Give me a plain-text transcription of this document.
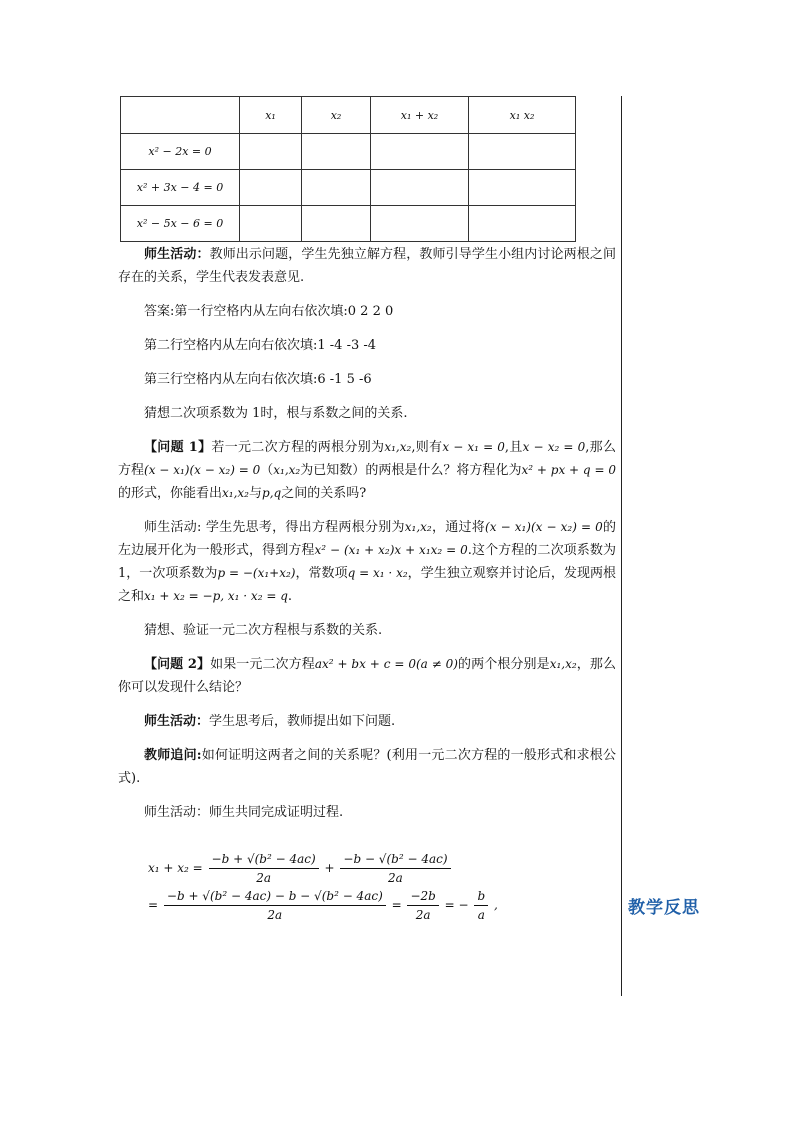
教学反思
	x₁	x₂	x₁ + x₂	x₁ x₂
x² − 2x = 0				
x² + 3x − 4 = 0				
x² − 5x − 6 = 0				

师生活动：教师出示问题，学生先独立解方程，教师引导学生小组内讨论两根之间存在的关系，学生代表发表意见.

答案:第一行空格内从左向右依次填:0 2 2 0

第二行空格内从左向右依次填:1 -4 -3 -4

第三行空格内从左向右依次填:6 -1 5 -6

猜想二次项系数为 1时，根与系数之间的关系.

【问题 1】若一元二次方程的两根分别为x₁,x₂,则有x − x₁ = 0,且x − x₂ = 0,那么方程(x − x₁)(x − x₂) = 0（x₁,x₂为已知数）的两根是什么？将方程化为x² + px + q = 0的形式，你能看出x₁,x₂与p,q之间的关系吗?

师生活动: 学生先思考，得出方程两根分别为x₁,x₂，通过将(x − x₁)(x − x₂) = 0的左边展开化为一般形式，得到方程x² − (x₁ + x₂)x + x₁x₂ = 0.这个方程的二次项系数为 1，一次项系数为p = −(x₁+x₂)，常数项q = x₁ · x₂，学生独立观察并讨论后，发现两根之和x₁ + x₂ = −p, x₁ · x₂ = q.

猜想、验证一元二次方程根与系数的关系.

【问题 2】如果一元二次方程ax² + bx + c = 0(a ≠ 0)的两个根分别是x₁,x₂，那么你可以发现什么结论？

师生活动：学生思考后，教师提出如下问题.

教师追问:如何证明这两者之间的关系呢？(利用一元二次方程的一般形式和求根公式).

师生活动：师生共同完成证明过程.

$x_1 + x_2 = \frac{\text{−b + √(b² − 4ac)}}{2a} + \frac{\text{−b − √(b² − 4ac)}}{2a}$
= $\frac{\text{−b + √(b² − 4ac) − b − √(b² − 4ac)}}{2a} = \frac{-2b}{2a}$ = − $\frac{b}{a}$ ,
